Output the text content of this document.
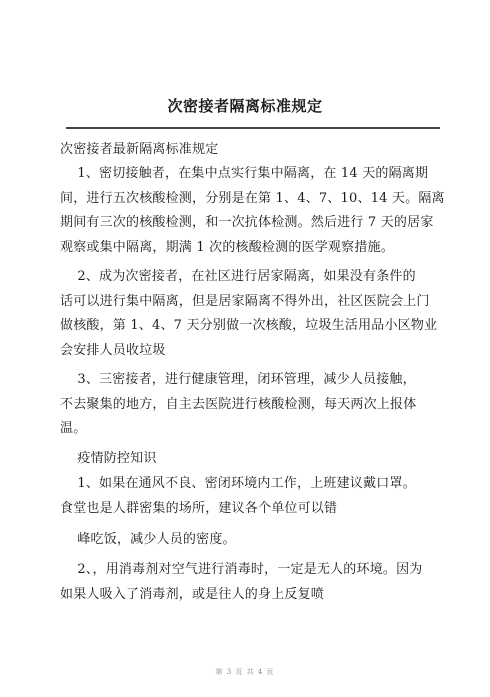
次密接者隔离标准规定
次密接者最新隔离标准规定
1、密切接触者，在集中点实行集中隔离，在 14 天的隔离期
间，进行五次核酸检测，分别是在第 1、4、7、10、14 天。隔离
期间有三次的核酸检测，和一次抗体检测。然后进行 7 天的居家
观察或集中隔离，期满 1 次的核酸检测的医学观察措施。
2、成为次密接者，在社区进行居家隔离，如果没有条件的
话可以进行集中隔离，但是居家隔离不得外出，社区医院会上门
做核酸，第 1、4、7 天分别做一次核酸，垃圾生活用品小区物业
会安排人员收垃圾
3、三密接者，进行健康管理，闭环管理，减少人员接触，
不去聚集的地方，自主去医院进行核酸检测，每天两次上报体
温。
疫情防控知识
1、如果在通风不良、密闭环境内工作，上班建议戴口罩。
食堂也是人群密集的场所，建议各个单位可以错
峰吃饭，减少人员的密度。
2、，用消毒剂对空气进行消毒时，一定是无人的环境。因为
如果人吸入了消毒剂，或是往人的身上反复喷
第 3 页 共 4 页
